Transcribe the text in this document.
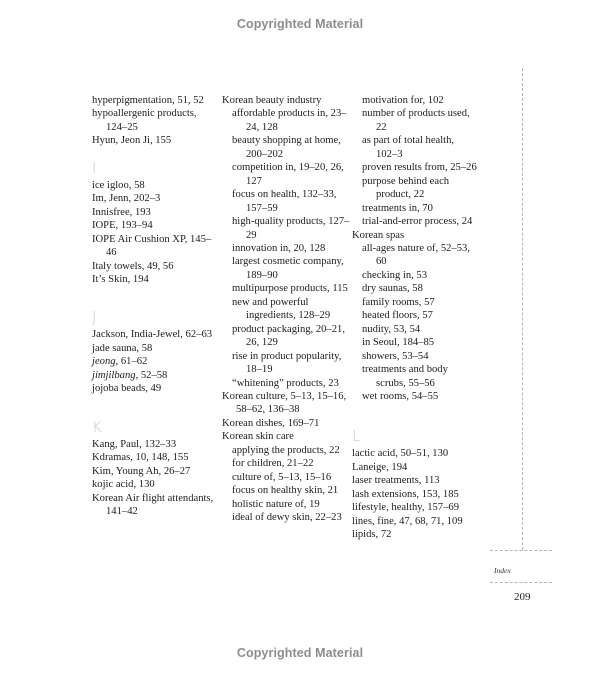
Copyrighted Material
hyperpigmentation, 51, 52
hypoallergenic products, 124–25
Hyun, Jeon Ji, 155
I
ice igloo, 58
Im, Jenn, 202–3
Innisfree, 193
IOPE, 193–94
IOPE Air Cushion XP, 145–46
Italy towels, 49, 56
It’s Skin, 194
J
Jackson, India-Jewel, 62–63
jade sauna, 58
jeong, 61–62
jimjilbang, 52–58
jojoba beads, 49
K
Kang, Paul, 132–33
Kdramas, 10, 148, 155
Kim, Young Ah, 26–27
kojic acid, 130
Korean Air flight attendants, 141–42
Korean beauty industry
affordable products in, 23–24, 128
beauty shopping at home, 200–202
competition in, 19–20, 26, 127
focus on health, 132–33, 157–59
high-quality products, 127–29
innovation in, 20, 128
largest cosmetic company, 189–90
multipurpose products, 115
new and powerful ingredients, 128–29
product packaging, 20–21, 26, 129
rise in product popularity, 18–19
“whitening” products, 23
Korean culture, 5–13, 15–16, 58–62, 136–38
Korean dishes, 169–71
Korean skin care
applying the products, 22
for children, 21–22
culture of, 5–13, 15–16
focus on healthy skin, 21
holistic nature of, 19
ideal of dewy skin, 22–23
motivation for, 102
number of products used, 22
as part of total health, 102–3
proven results from, 25–26
purpose behind each product, 22
treatments in, 70
trial-and-error process, 24
Korean spas
all-ages nature of, 52–53, 60
checking in, 53
dry saunas, 58
family rooms, 57
heated floors, 57
nudity, 53, 54
in Seoul, 184–85
showers, 53–54
treatments and body scrubs, 55–56
wet rooms, 54–55
L
lactic acid, 50–51, 130
Laneige, 194
laser treatments, 113
lash extensions, 153, 185
lifestyle, healthy, 157–69
lines, fine, 47, 68, 71, 109
lipids, 72
Index
209
Copyrighted Material
